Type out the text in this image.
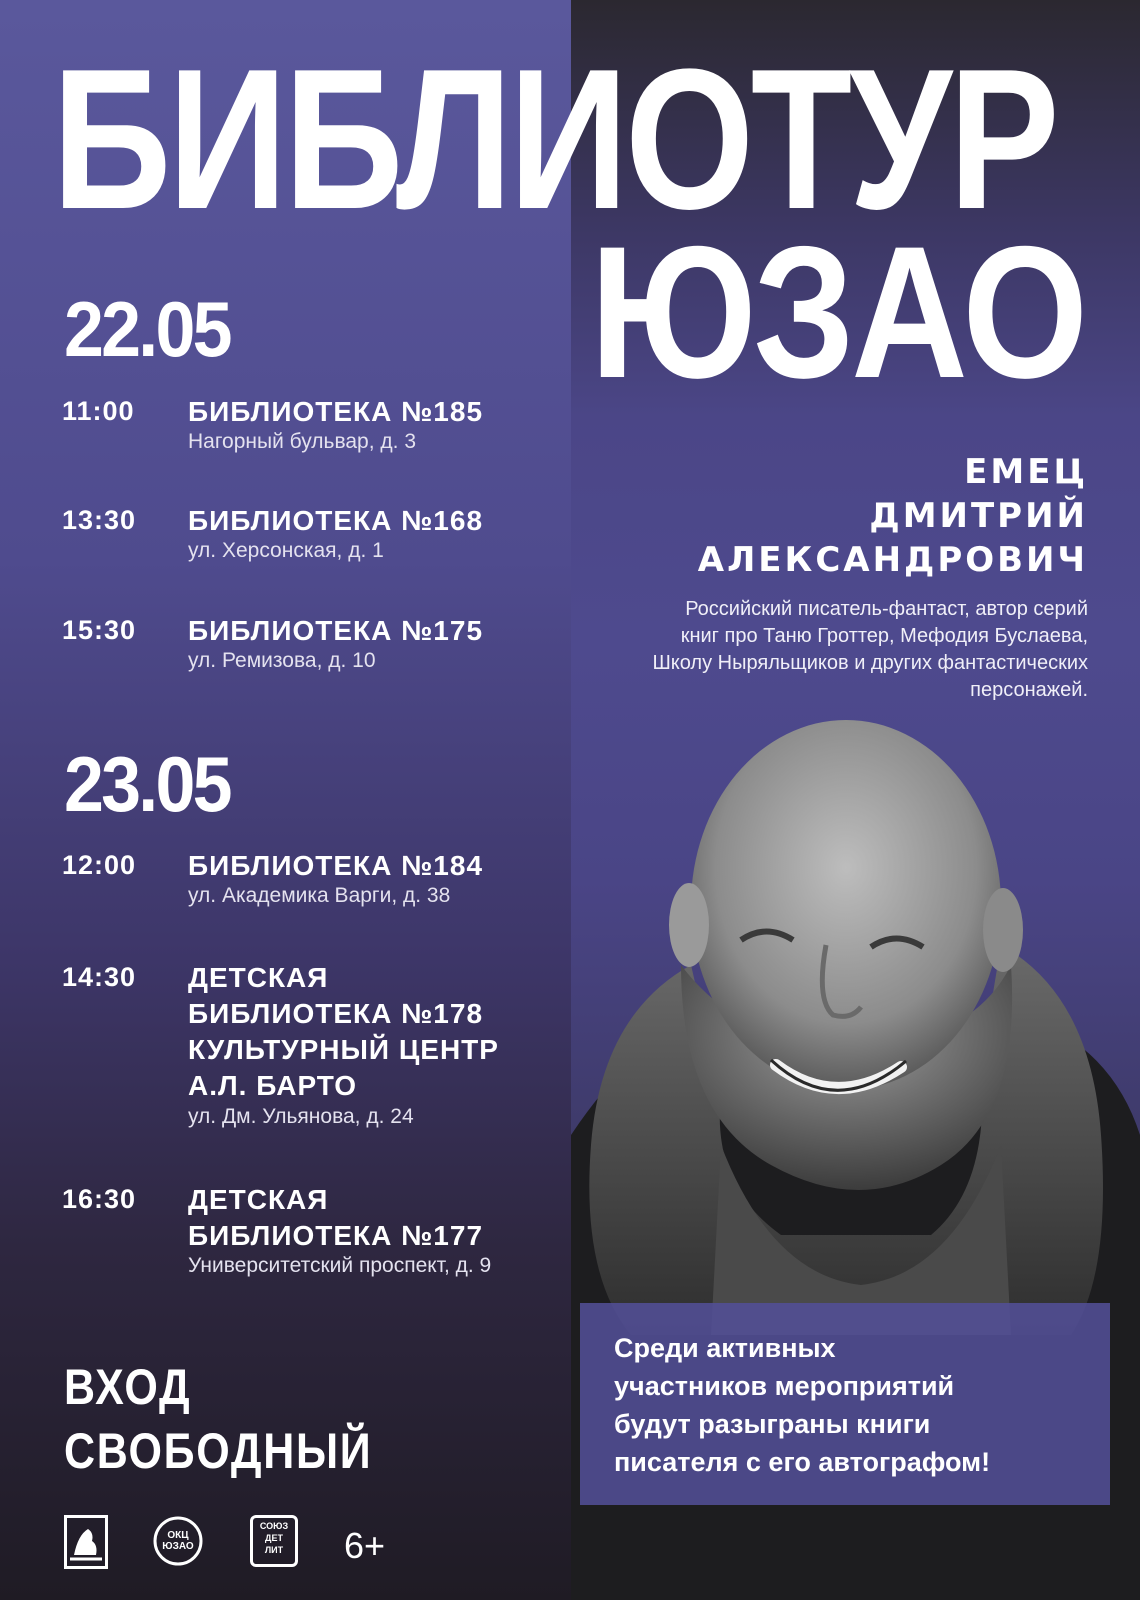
БИБЛИОТУР
ЮЗАО
22.05
11:00 БИБЛИОТЕКА №185
Нагорный бульвар, д. 3
13:30 БИБЛИОТЕКА №168
ул. Херсонская, д. 1
15:30 БИБЛИОТЕКА №175
ул. Ремизова, д. 10
23.05
12:00 БИБЛИОТЕКА №184
ул. Академика Варги, д. 38
14:30 ДЕТСКАЯ
БИБЛИОТЕКА №178
КУЛЬТУРНЫЙ ЦЕНТР
А.Л. БАРТО
ул. Дм. Ульянова, д. 24
16:30 ДЕТСКАЯ
БИБЛИОТЕКА №177
Университетский проспект, д. 9
ВХОД
СВОБОДНЫЙ
ОКЦ
ЮЗАО
СОЮЗ
ДЕТ
ЛИТ	6+
ЕМЕЦ
ДМИТРИЙ
АЛЕКСАНДРОВИЧ
Российский писатель-фантаст, автор серий
книг про Таню Гроттер, Мефодия Буслаева,
Школу Ныряльщиков и других фантастических
персонажей.
Среди активных
участников мероприятий
будут разыграны книги
писателя с его автографом!
